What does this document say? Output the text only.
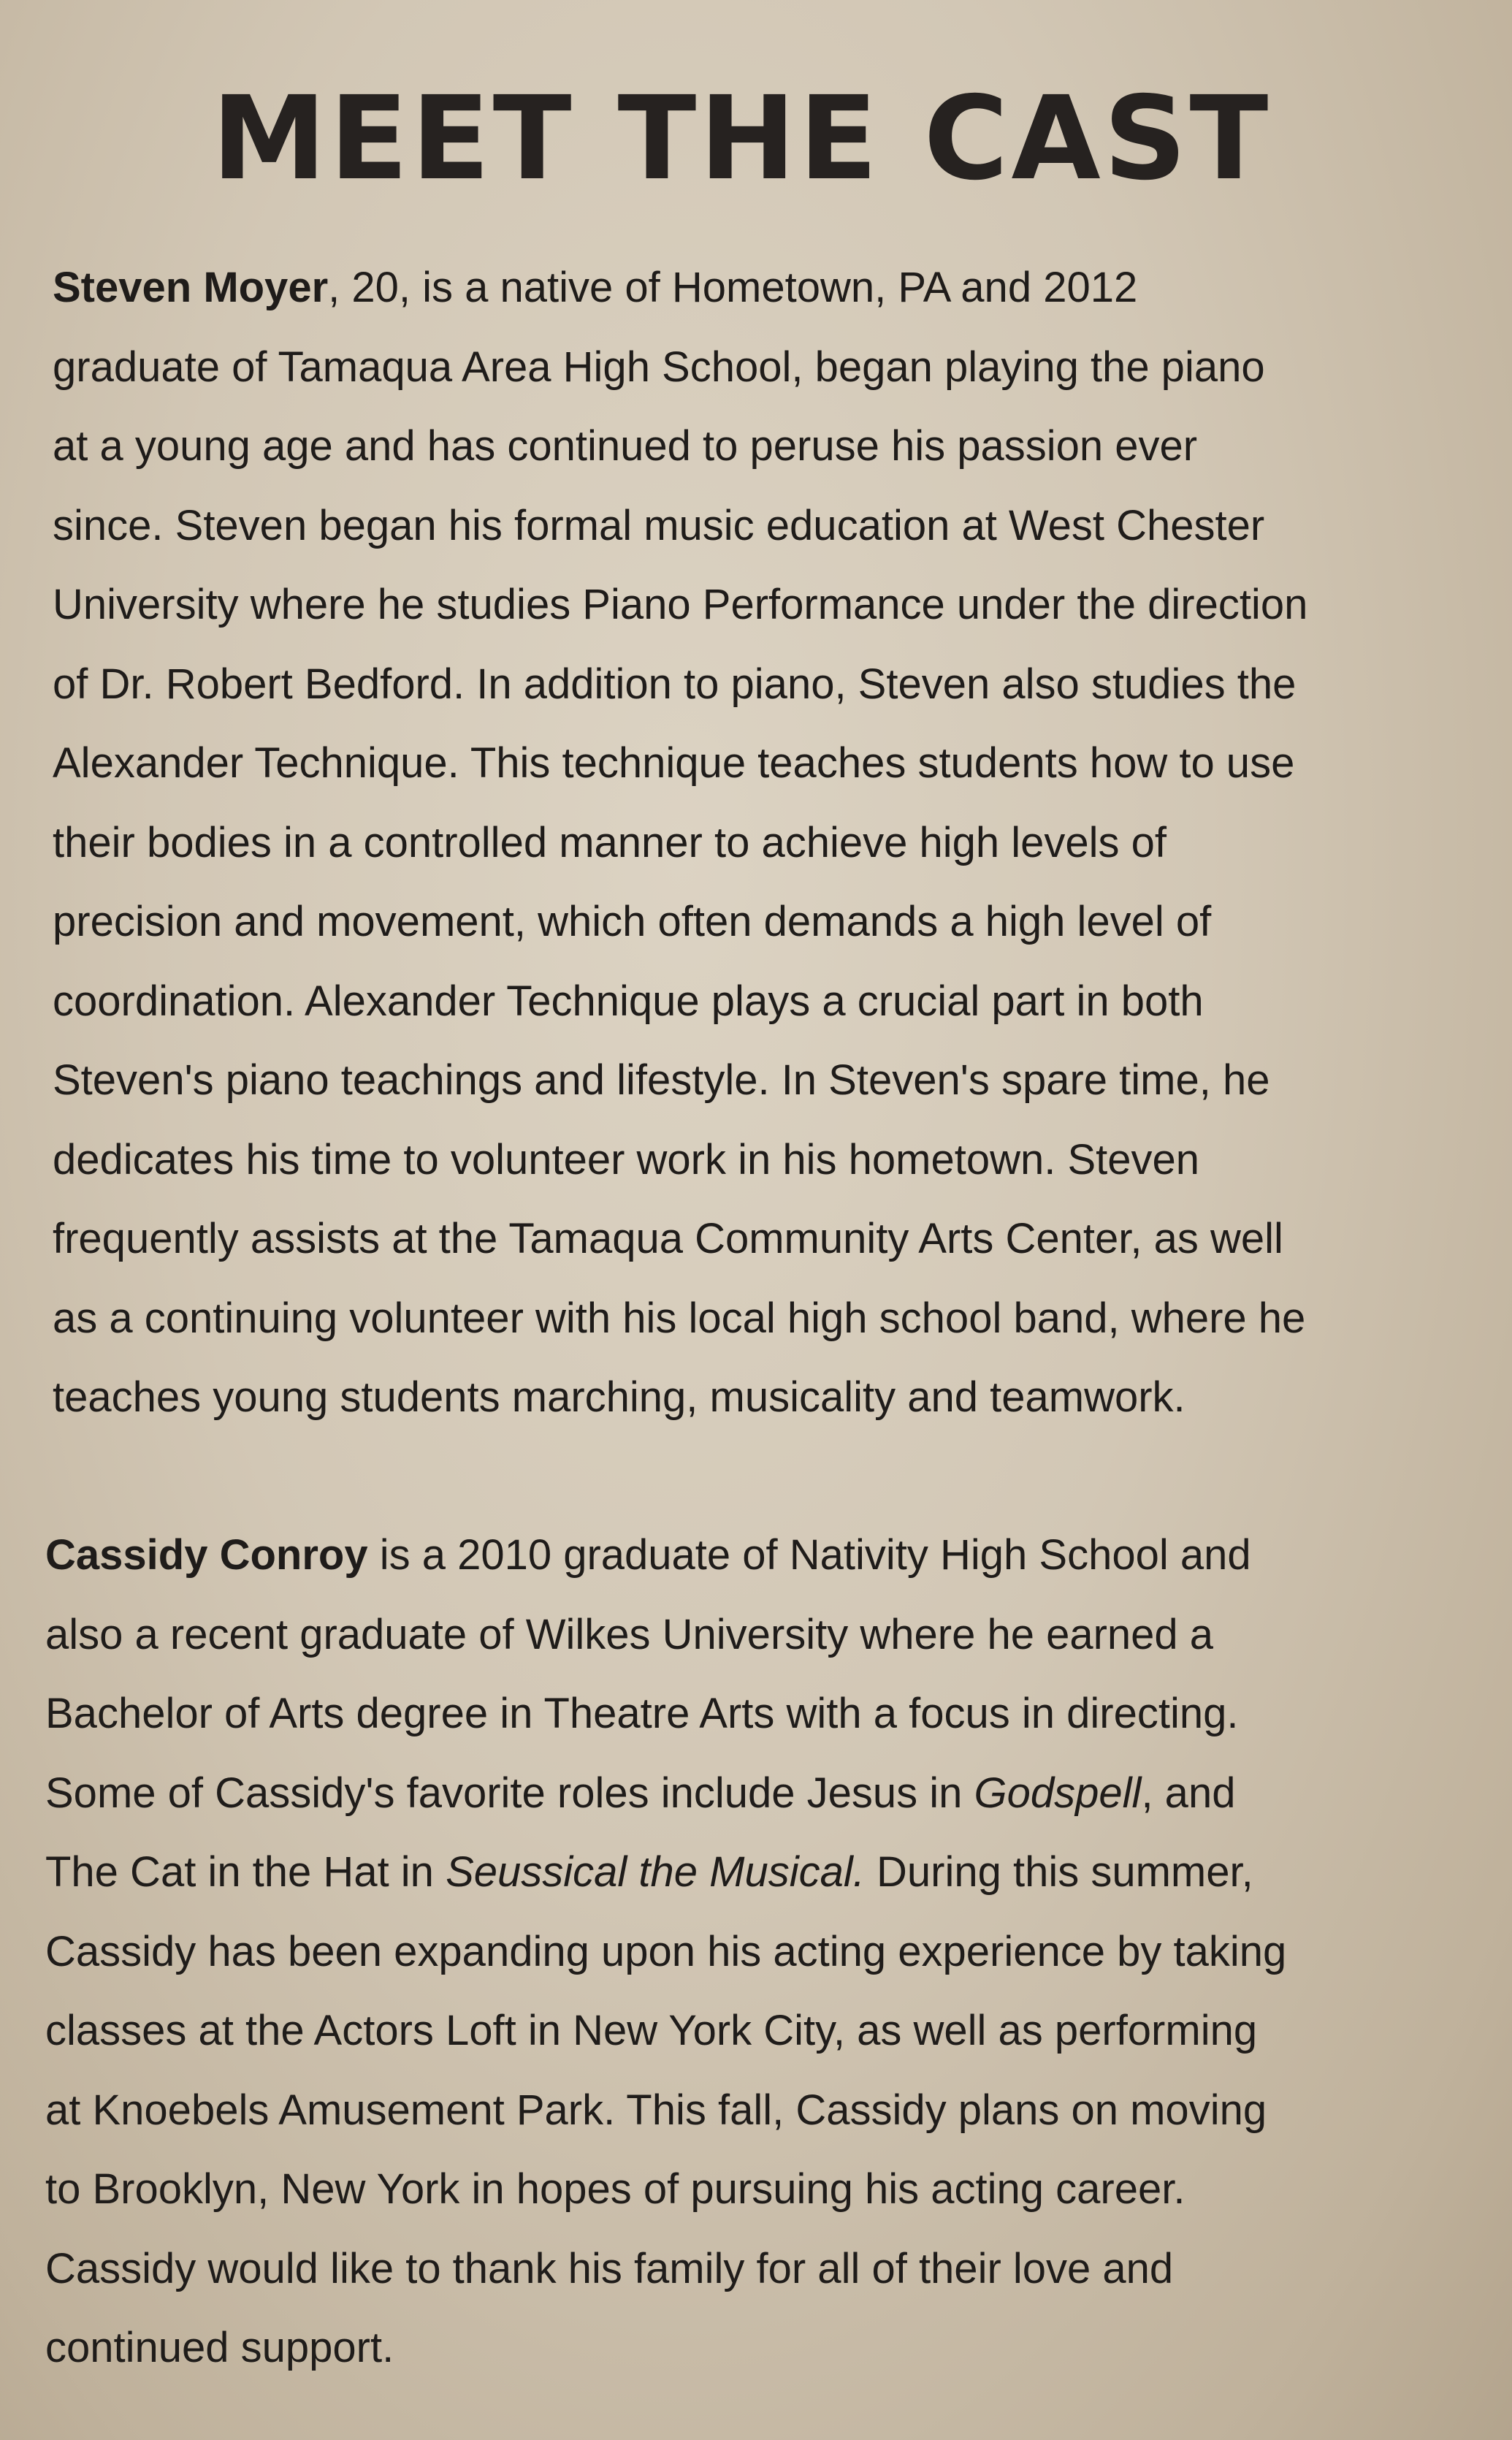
MEET THE CAST
Steven Moyer, 20, is a native of Hometown, PA and 2012
graduate of Tamaqua Area High School, began playing the piano
at a young age and has continued to peruse his passion ever
since. Steven began his formal music education at West Chester
University where he studies Piano Performance under the direction
of Dr. Robert Bedford. In addition to piano, Steven also studies the
Alexander Technique. This technique teaches students how to use
their bodies in a controlled manner to achieve high levels of
precision and movement, which often demands a high level of
coordination. Alexander Technique plays a crucial part in both
Steven's piano teachings and lifestyle. In Steven's spare time, he
dedicates his time to volunteer work in his hometown. Steven
frequently assists at the Tamaqua Community Arts Center, as well
as a continuing volunteer with his local high school band, where he
teaches young students marching, musicality and teamwork.
Cassidy Conroy is a 2010 graduate of Nativity High School and
also a recent graduate of Wilkes University where he earned a
Bachelor of Arts degree in Theatre Arts with a focus in directing.
Some of Cassidy's favorite roles include Jesus in Godspell, and
The Cat in the Hat in Seussical the Musical. During this summer,
Cassidy has been expanding upon his acting experience by taking
classes at the Actors Loft in New York City, as well as performing
at Knoebels Amusement Park. This fall, Cassidy plans on moving
to Brooklyn, New York in hopes of pursuing his acting career.
Cassidy would like to thank his family for all of their love and
continued support.
